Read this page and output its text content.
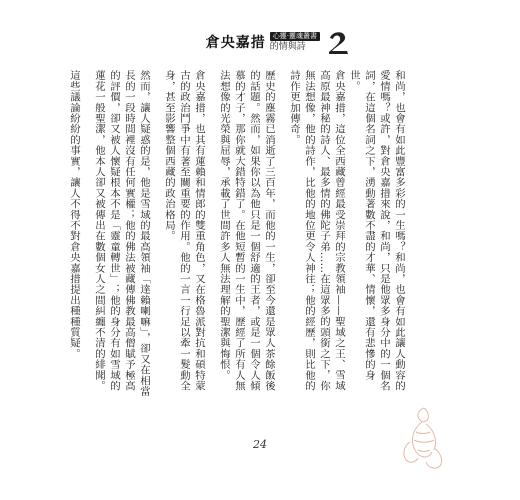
倉央嘉措	心靈·靈魂叢書
的情與詩

和尚，也會有如此豐富多彩的一生嗎？和尚，也會有如此讓人動容的愛情嗎？或許，對倉央嘉措來說，和尚，只是他眾多身分中的一個名詞，在這個名詞之下，湧動著數不盡的才華、情懷，還有悲慘的身世。

倉央嘉措，這位全西藏曾經最受崇拜的宗教領袖——聖域之王、雪域高原最神秘的詩人、最多情的佛陀子弟……在這眾多的頭銜之下，你無法想像，他的詩作，比他的地位更令人神往；他的經歷，則比他的詩作更加傳奇。

歷史的塵霧已消逝了三百年，而他的一生，卻至今還是眾人茶餘飯後的話題。然而，如果你以為他只是一個舒適的王者，或是一個令人傾慕的才子，那你就大錯特錯了。在他短暫的一生中，歷經了所有人無法想像的光榮與屈辱，承載了世間許多人無法理解的聖潔與悔恨。

倉央嘉措，也其有蓮賴和情郎的雙重角色，又在格魯派對抗和碩特蒙古的政治鬥爭中有著至關重要的作用。他的一言一行足以牽一髮動全身，甚至影響整個西藏的政治格局。

然而，讓人疑惑的是，他是雪域的最高領袖「達賴喇嘛」，卻又在相當長的一段時間裡沒有任何實權；他的佛法被藏傳佛教最高僧賦予極高的評價，卻又被人懷疑根本不是「靈童轉世」；他的身分有如雪域的蓮花一般聖潔，他本人卻又被傳出在數個女人之間糾纏不清的緋聞。

這些議論紛紛的事實，讓人不得不對倉央嘉措提出種種質疑。

24
